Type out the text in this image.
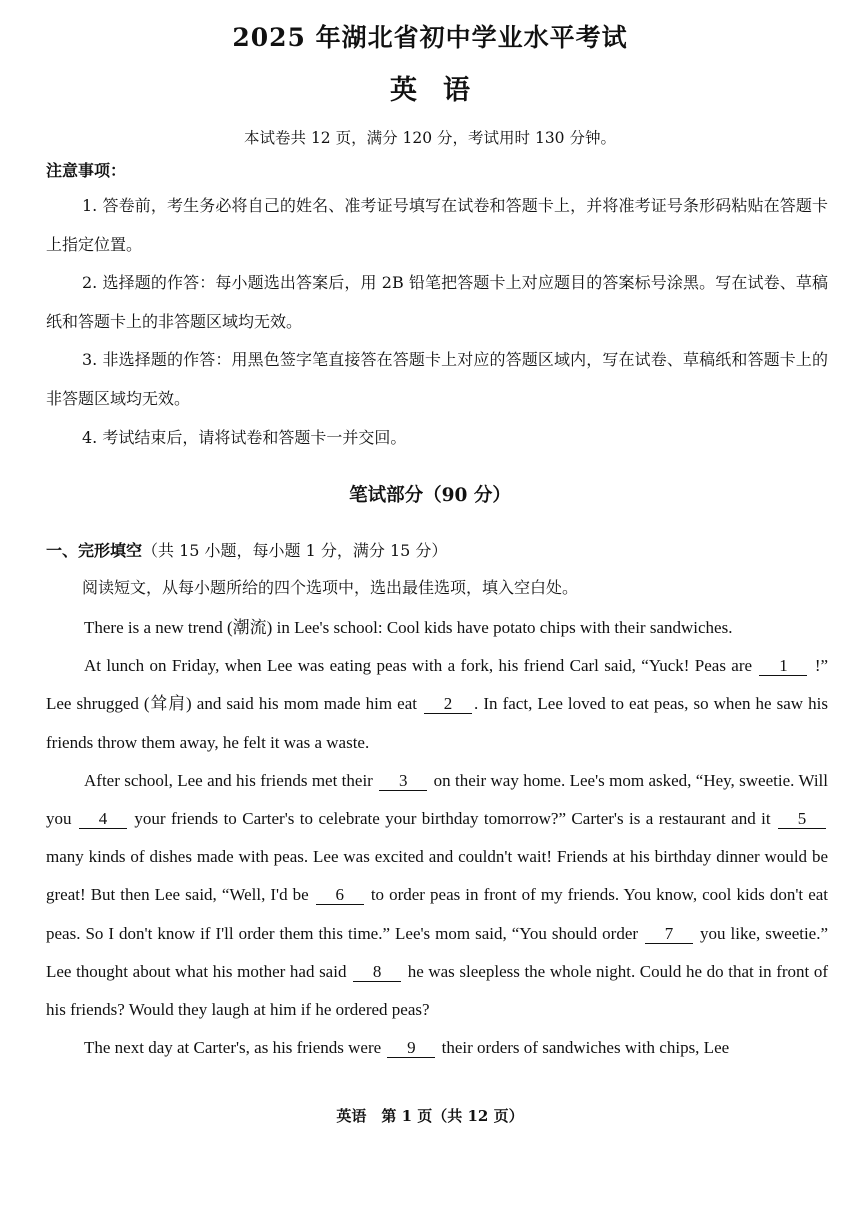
2025 年湖北省初中学业水平考试
英语
本试卷共 12 页，满分 120 分，考试用时 130 分钟。
注意事项：

1. 答卷前，考生务必将自己的姓名、准考证号填写在试卷和答题卡上，并将准考证号条形码粘贴在答题卡上指定位置。

2. 选择题的作答：每小题选出答案后，用 2B 铅笔把答题卡上对应题目的答案标号涂黑。写在试卷、草稿纸和答题卡上的非答题区域均无效。

3. 非选择题的作答：用黑色签字笔直接答在答题卡上对应的答题区域内，写在试卷、草稿纸和答题卡上的非答题区域均无效。

4. 考试结束后，请将试卷和答题卡一并交回。

笔试部分（90 分）
一、完形填空（共 15 小题，每小题 1 分，满分 15 分）
阅读短文，从每小题所给的四个选项中，选出最佳选项，填入空白处。

There is a new trend (潮流) in Lee's school: Cool kids have potato chips with their sandwiches.

At lunch on Friday, when Lee was eating peas with a fork, his friend Carl said, “Yuck! Peas are 1 !” Lee shrugged (耸肩) and said his mom made him eat 2 . In fact, Lee loved to eat peas, so when he saw his friends throw them away, he felt it was a waste.

After school, Lee and his friends met their 3 on their way home. Lee's mom asked, “Hey, sweetie. Will you 4 your friends to Carter's to celebrate your birthday tomorrow?” Carter's is a restaurant and it 5 many kinds of dishes made with peas. Lee was excited and couldn't wait! Friends at his birthday dinner would be great! But then Lee said, “Well, I'd be 6 to order peas in front of my friends. You know, cool kids don't eat peas. So I don't know if I'll order them this time.” Lee's mom said, “You should order 7 you like, sweetie.” Lee thought about what his mother had said 8 he was sleepless the whole night. Could he do that in front of his friends? Would they laugh at him if he ordered peas?

The next day at Carter's, as his friends were 9 their orders of sandwiches with chips, Lee

英语　第 1 页（共 12 页）
